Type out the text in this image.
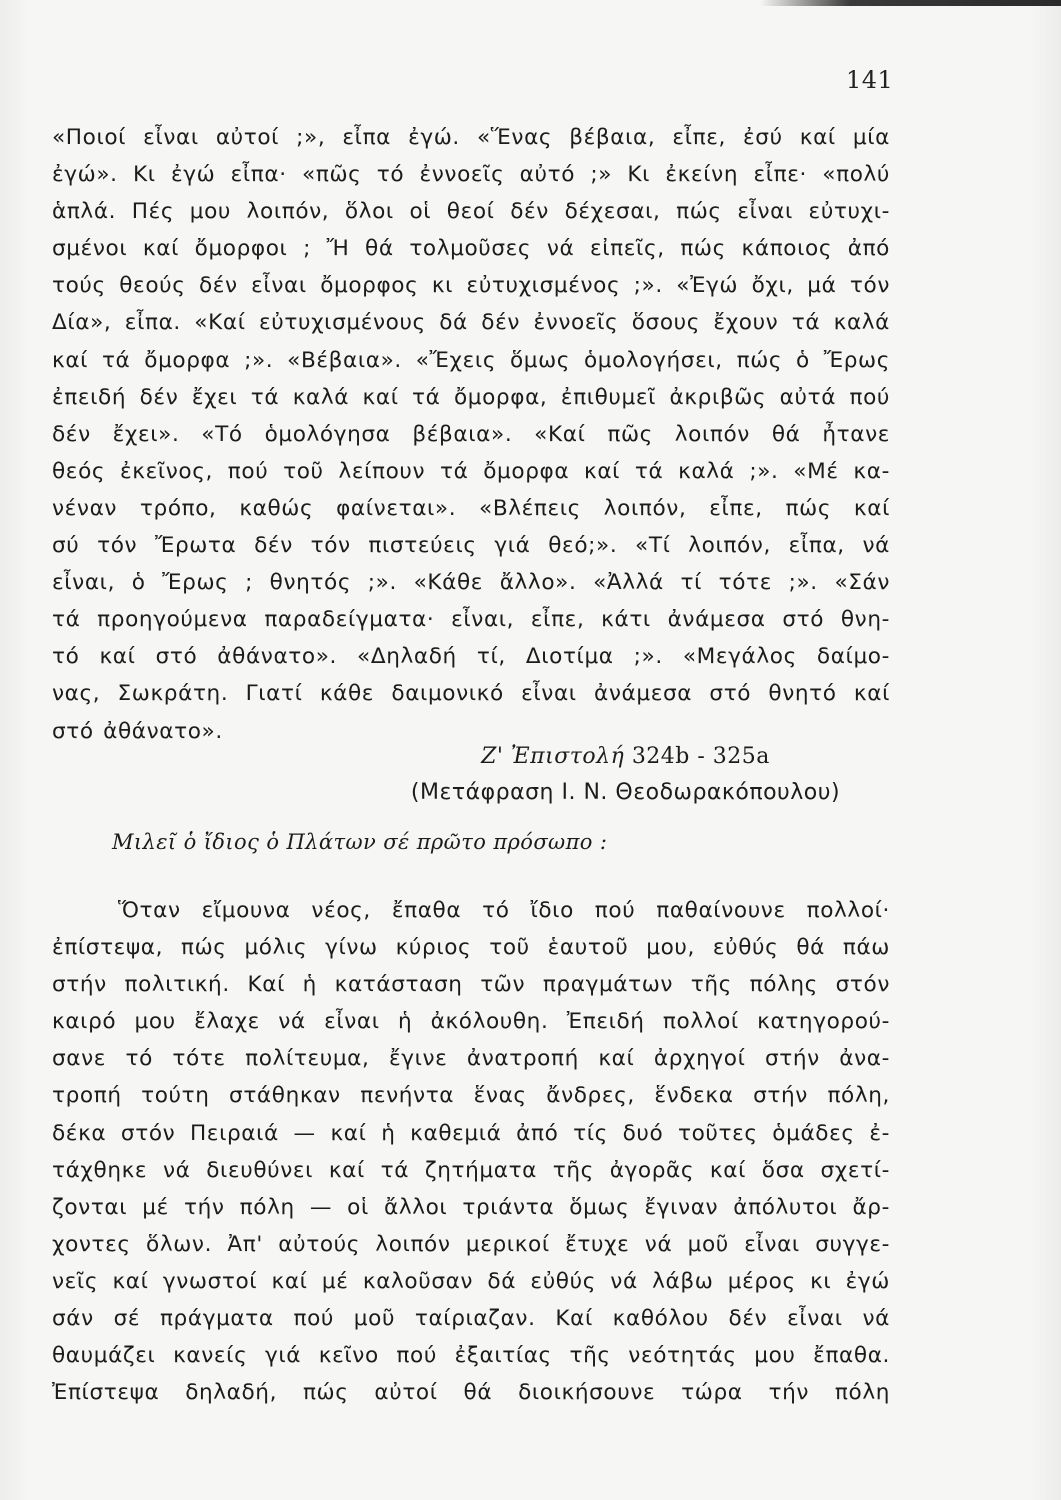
141
«Ποιοί εἶναι αὐτοί ;», εἶπα ἐγώ. «Ἕνας βέβαια, εἶπε, ἐσύ καί μία
ἐγώ». Κι ἐγώ εἶπα· «πῶς τό ἐννοεῖς αὐτό ;» Κι ἐκείνη εἶπε· «πολύ
ἁπλά. Πές μου λοιπόν, ὅλοι οἱ θεοί δέν δέχεσαι, πώς εἶναι εὐτυχι-
σμένοι καί ὄμορφοι ; Ἤ θά τολμοῦσες νά εἰπεῖς, πώς κάποιος ἀπό
τούς θεούς δέν εἶναι ὄμορφος κι εὐτυχισμένος ;». «Ἐγώ ὄχι, μά τόν
Δία», εἶπα. «Καί εὐτυχισμένους δά δέν ἐννοεῖς ὅσους ἔχουν τά καλά
καί τά ὄμορφα ;». «Βέβαια». «Ἔχεις ὅμως ὁμολογήσει, πώς ὁ Ἔρως
ἐπειδή δέν ἔχει τά καλά καί τά ὄμορφα, ἐπιθυμεῖ ἀκριβῶς αὐτά πού
δέν ἔχει». «Τό ὁμολόγησα βέβαια». «Καί πῶς λοιπόν θά ἦτανε
θεός ἐκεῖνος, πού τοῦ λείπουν τά ὄμορφα καί τά καλά ;». «Μέ κα-
νέναν τρόπο, καθώς φαίνεται». «Βλέπεις λοιπόν, εἶπε, πώς καί
σύ τόν Ἔρωτα δέν τόν πιστεύεις γιά θεό;». «Τί λοιπόν, εἶπα, νά
εἶναι, ὁ Ἔρως ; θνητός ;». «Κάθε ἄλλο». «Ἀλλά τί τότε ;». «Σάν
τά προηγούμενα παραδείγματα· εἶναι, εἶπε, κάτι ἀνάμεσα στό θνη-
τό καί στό ἀθάνατο». «Δηλαδή τί, Διοτίμα ;». «Μεγάλος δαίμο-
νας, Σωκράτη. Γιατί κάθε δαιμονικό εἶναι ἀνάμεσα στό θνητό καί
στό ἀθάνατο».
Ζ' Ἐπιστολή 324b - 325a
(Μετάφραση Ι. Ν. Θεοδωρακόπουλου)
Μιλεῖ ὁ ἴδιος ὁ Πλάτων σέ πρῶτο πρόσωπο :
Ὅταν εἴμουνα νέος, ἔπαθα τό ἴδιο πού παθαίνουνε πολλοί·
ἐπίστεψα, πώς μόλις γίνω κύριος τοῦ ἑαυτοῦ μου, εὐθύς θά πάω
στήν πολιτική. Καί ἡ κατάσταση τῶν πραγμάτων τῆς πόλης στόν
καιρό μου ἔλαχε νά εἶναι ἡ ἀκόλουθη. Ἐπειδή πολλοί κατηγορού-
σανε τό τότε πολίτευμα, ἔγινε ἀνατροπή καί ἀρχηγοί στήν ἀνα-
τροπή τούτη στάθηκαν πενήντα ἕνας ἄνδρες, ἕνδεκα στήν πόλη,
δέκα στόν Πειραιά — καί ἡ καθεμιά ἀπό τίς δυό τοῦτες ὁμάδες ἐ-
τάχθηκε νά διευθύνει καί τά ζητήματα τῆς ἀγορᾶς καί ὅσα σχετί-
ζονται μέ τήν πόλη — οἱ ἄλλοι τριάντα ὅμως ἔγιναν ἀπόλυτοι ἄρ-
χοντες ὅλων. Ἀπ' αὐτούς λοιπόν μερικοί ἔτυχε νά μοῦ εἶναι συγγε-
νεῖς καί γνωστοί καί μέ καλοῦσαν δά εὐθύς νά λάβω μέρος κι ἐγώ
σάν σέ πράγματα πού μοῦ ταίριαζαν. Καί καθόλου δέν εἶναι νά
θαυμάζει κανείς γιά κεῖνο πού ἐξαιτίας τῆς νεότητάς μου ἔπαθα.
Ἐπίστεψα δηλαδή, πώς αὐτοί θά διοικήσουνε τώρα τήν πόλη
